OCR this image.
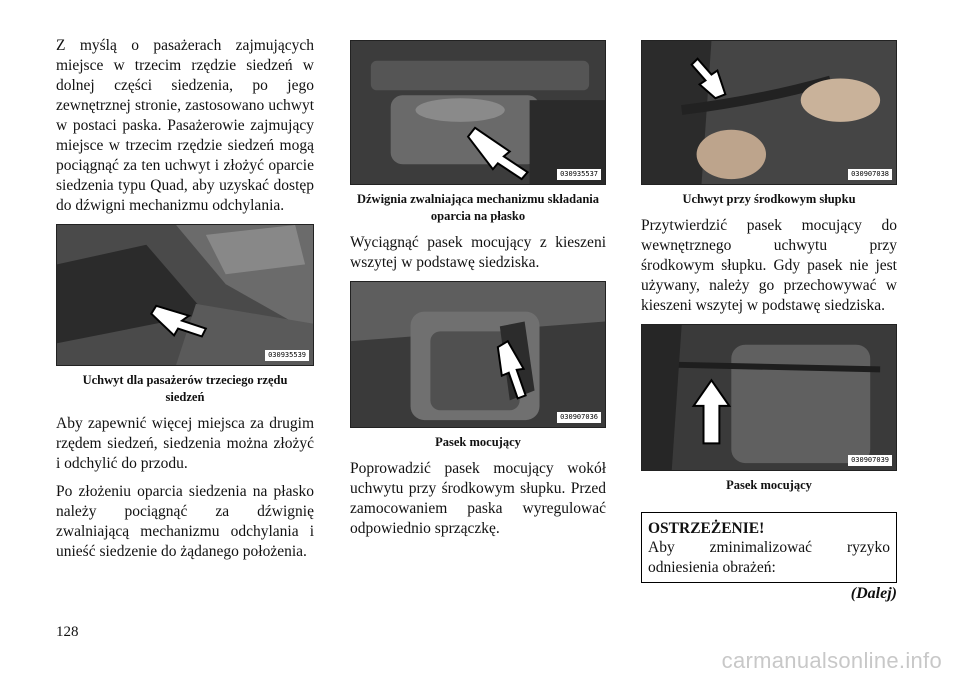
Z myślą o pasażerach zajmujących miejsce w trzecim rzędzie siedzeń w dolnej części siedzenia, po jego zewnętrznej stronie, zastosowano uchwyt w postaci paska. Pasażerowie zajmujący miejsce w trzecim rzędzie siedzeń mogą pociągnąć za ten uchwyt i złożyć oparcie siedzenia typu Quad, aby uzyskać dostęp do dźwigni mechanizmu odchylania.

030935539
Uchwyt dla pasażerów trzeciego rzędu siedzeń

Aby zapewnić więcej miejsca za drugim rzędem siedzeń, siedzenia można złożyć i odchylić do przodu.

Po złożeniu oparcia siedzenia na płasko należy pociągnąć za dźwignię zwalniającą mechanizmu odchylania i unieść siedzenie do żądanego położenia.

030935537
Dźwignia zwalniająca mechanizmu składania oparcia na płasko

Wyciągnąć pasek mocujący z kieszeni wszytej w podstawę siedziska.

030907036
Pasek mocujący

Poprowadzić pasek mocujący wokół uchwytu przy środkowym słupku. Przed zamocowaniem paska wyregulować odpowiednio sprzączkę.

030907038
Uchwyt przy środkowym słupku

Przytwierdzić pasek mocujący do wewnętrznego uchwytu przy środkowym słupku. Gdy pasek nie jest używany, należy go przechowywać w kieszeni wszytej w podstawę siedziska.

030907039
Pasek mocujący

OSTRZEŻENIE!

Aby zminimalizować ryzyko odniesienia obrażeń:

(Dalej)
128
carmanualsonline.info
